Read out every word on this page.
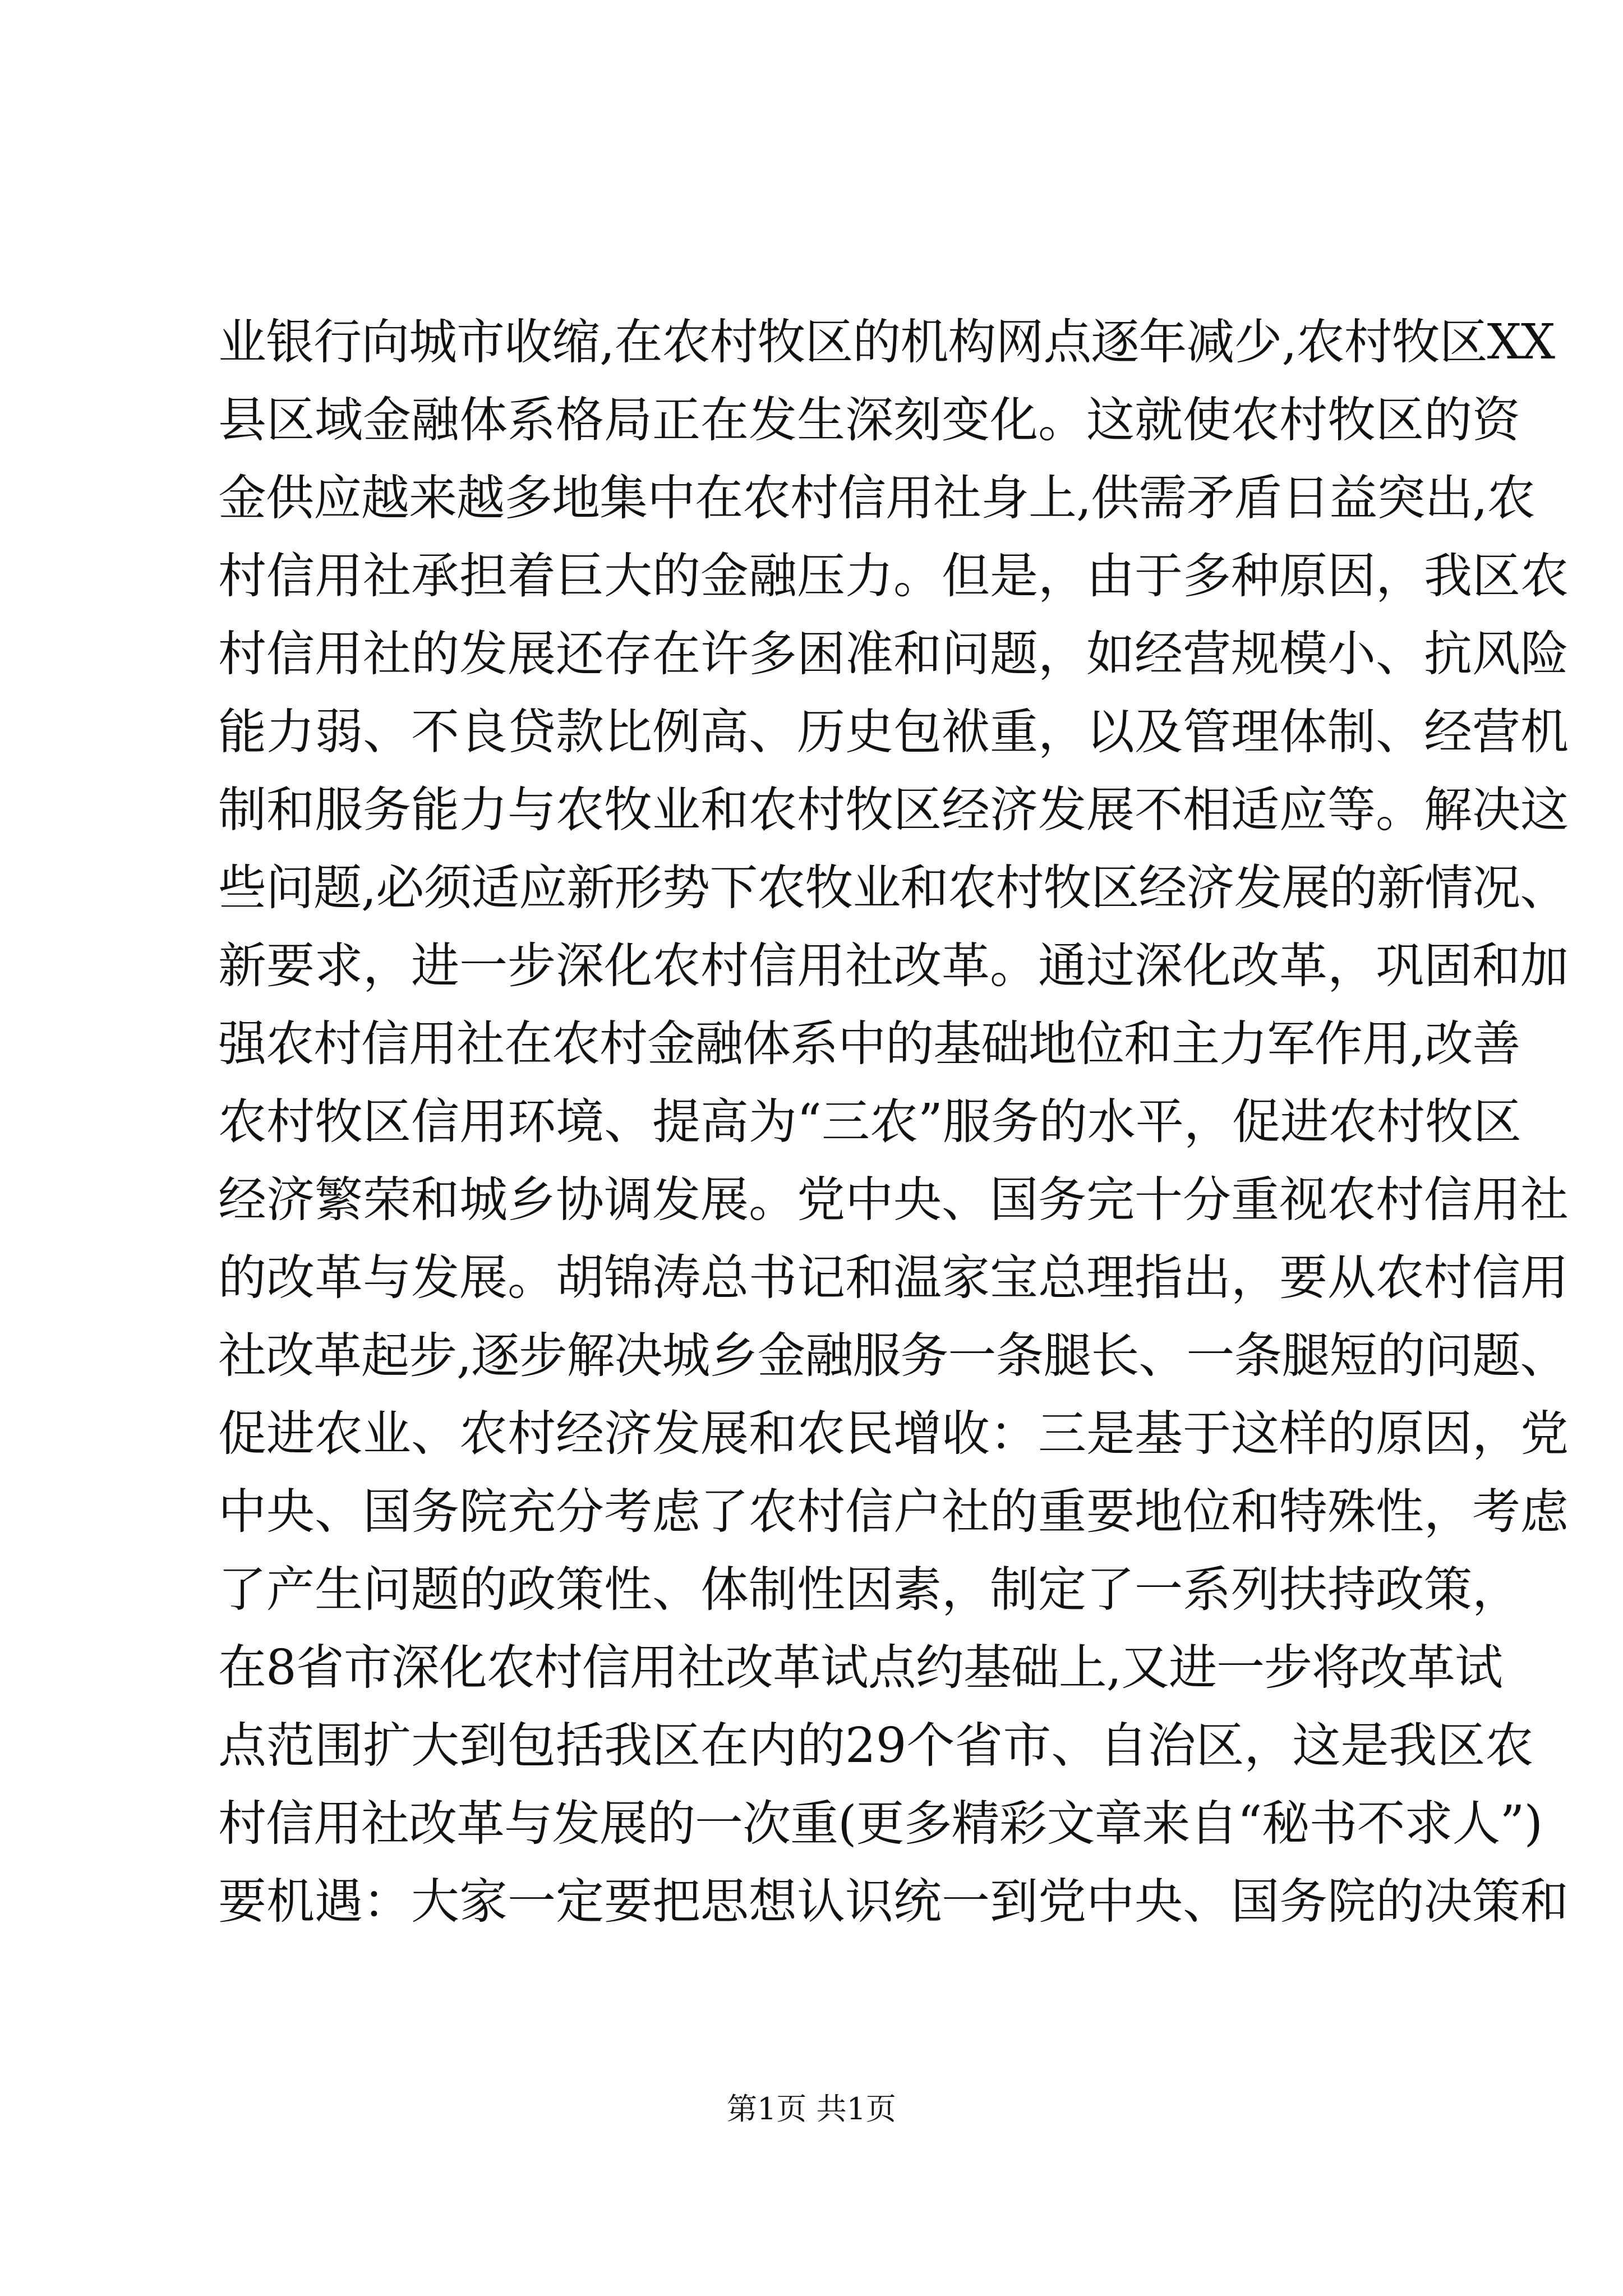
业银行向城市收缩,在农村牧区的机构网点逐年减少,农村牧区XX
县区域金融体系格局正在发生深刻变化。这就使农村牧区的资
金供应越来越多地集中在农村信用社身上,供需矛盾日益突出,农
村信用社承担着巨大的金融压力。但是，由于多种原因，我区农
村信用社的发展还存在许多困准和问题，如经营规模小、抗风险
能力弱、不良贷款比例高、历史包袱重，以及管理体制、经营机
制和服务能力与农牧业和农村牧区经济发展不相适应等。解决这
些问题,必须适应新形势下农牧业和农村牧区经济发展的新情况、
新要求，进一步深化农村信用社改革。通过深化改革，巩固和加
强农村信用社在农村金融体系中的基础地位和主力军作用,改善
农村牧区信用环境、提高为“三农”服务的水平，促进农村牧区
经济繁荣和城乡协调发展。党中央、国务完十分重视农村信用社
的改革与发展。胡锦涛总书记和温家宝总理指出，要从农村信用
社改革起步,逐步解决城乡金融服务一条腿长、一条腿短的问题、
促进农业、农村经济发展和农民增收：三是基于这样的原因，党
中央、国务院充分考虑了农村信户社的重要地位和特殊性，考虑
了产生问题的政策性、体制性因素，制定了一系列扶持政策，
在8省市深化农村信用社改革试点约基础上,又进一步将改革试
点范围扩大到包括我区在内的29个省市、自治区，这是我区农
村信用社改革与发展的一次重(更多精彩文章来自“秘书不求人”)
要机遇：大家一定要把思想认识统一到党中央、国务院的决策和
第1页 共1页
